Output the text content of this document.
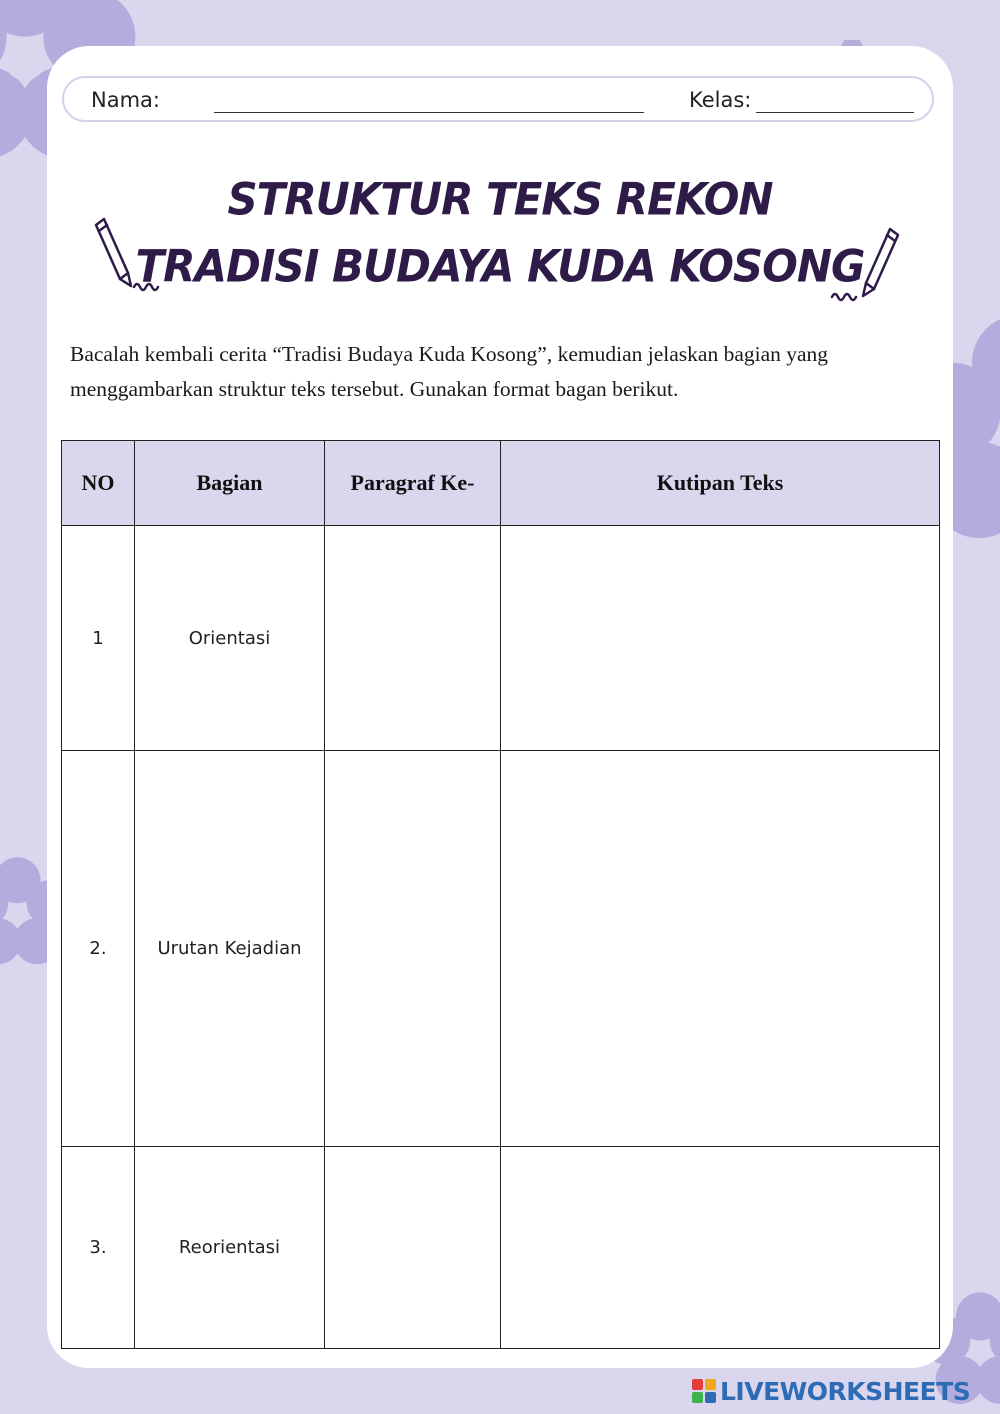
Nama:	Kelas:
STRUKTUR TEKS REKON
TRADISI BUDAYA KUDA KOSONG

Bacalah kembali cerita “Tradisi Budaya Kuda Kosong”, kemudian jelaskan bagian yang menggambarkan struktur teks tersebut. Gunakan format bagan berikut.

NO	Bagian	Paragraf Ke-	Kutipan Teks
1	Orientasi		
2.	Urutan Kejadian		
3.	Reorientasi		
LIVEWORKSHEETS
